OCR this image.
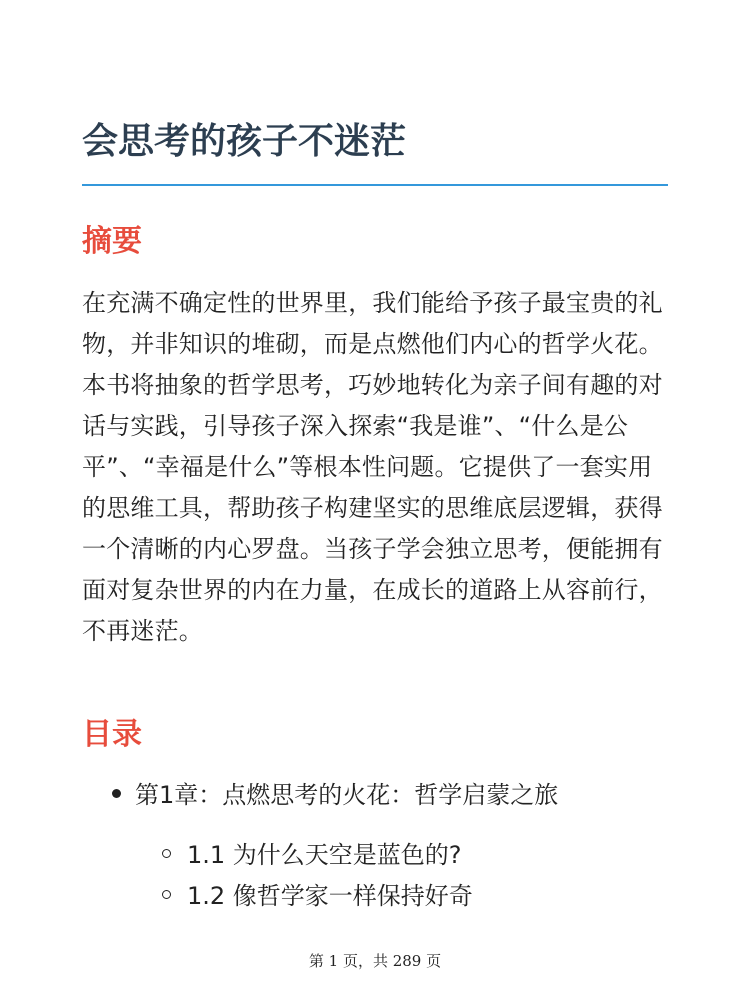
会思考的孩子不迷茫
摘要

在充满不确定性的世界里，我们能给予孩子最宝贵的礼物，并非知识的堆砌，而是点燃他们内心的哲学火花。本书将抽象的哲学思考，巧妙地转化为亲子间有趣的对话与实践，引导孩子深入探索“我是谁”、“什么是公平”、“幸福是什么”等根本性问题。它提供了一套实用的思维工具，帮助孩子构建坚实的思维底层逻辑，获得一个清晰的内心罗盘。当孩子学会独立思考，便能拥有面对复杂世界的内在力量，在成长的道路上从容前行，不再迷茫。

目录
第1章：点燃思考的火花：哲学启蒙之旅
1.1 为什么天空是蓝色的?
1.2 像哲学家一样保持好奇
第 1 页，共 289 页
